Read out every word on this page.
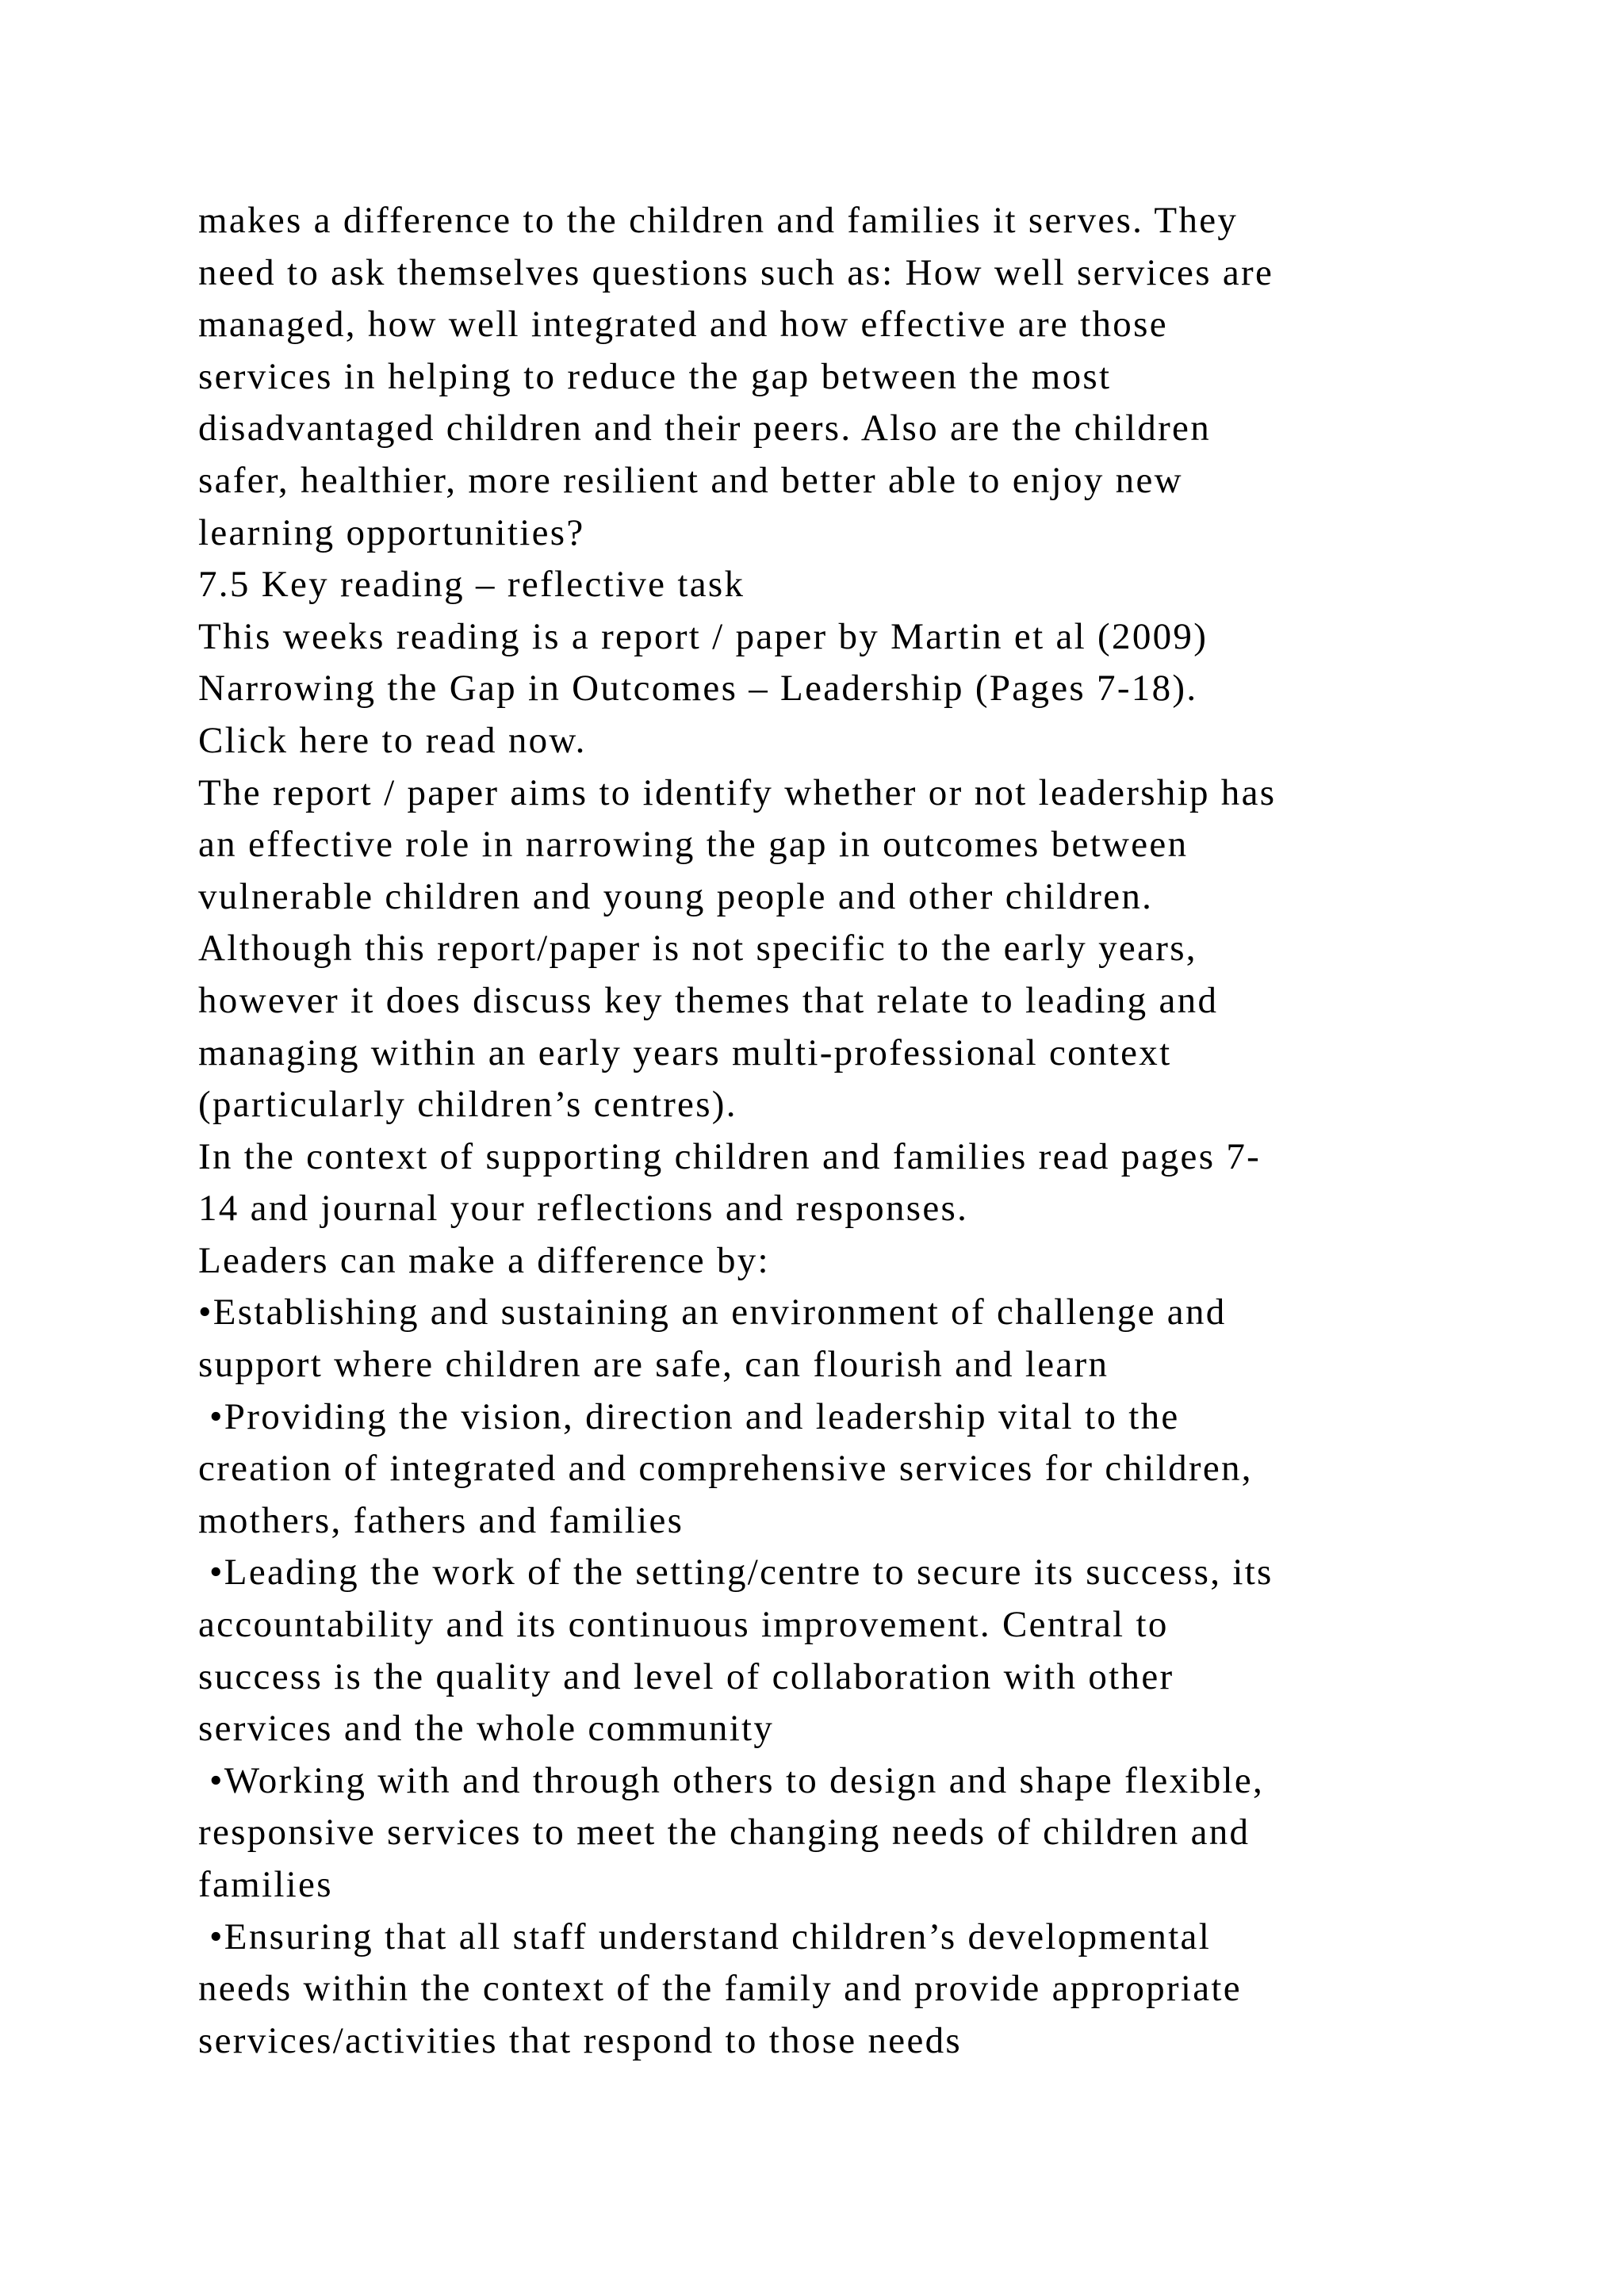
makes a difference to the children and families it serves. They
need to ask themselves questions such as: How well services are
managed, how well integrated and how effective are those
services in helping to reduce the gap between the most
disadvantaged children and their peers. Also are the children
safer, healthier, more resilient and better able to enjoy new
learning opportunities?
7.5 Key reading – reflective task
This weeks reading is a report / paper by Martin et al (2009)
Narrowing the Gap in Outcomes – Leadership (Pages 7-18).
Click here to read now.
The report / paper aims to identify whether or not leadership has
an effective role in narrowing the gap in outcomes between
vulnerable children and young people and other children.
Although this report/paper is not specific to the early years,
however it does discuss key themes that relate to leading and
managing within an early years multi-professional context
(particularly children’s centres).
In the context of supporting children and families read pages 7-
14 and journal your reflections and responses.
Leaders can make a difference by:
•Establishing and sustaining an environment of challenge and
support where children are safe, can flourish and learn
•Providing the vision, direction and leadership vital to the
creation of integrated and comprehensive services for children,
mothers, fathers and families
•Leading the work of the setting/centre to secure its success, its
accountability and its continuous improvement. Central to
success is the quality and level of collaboration with other
services and the whole community
•Working with and through others to design and shape flexible,
responsive services to meet the changing needs of children and
families
•Ensuring that all staff understand children’s developmental
needs within the context of the family and provide appropriate
services/activities that respond to those needs
